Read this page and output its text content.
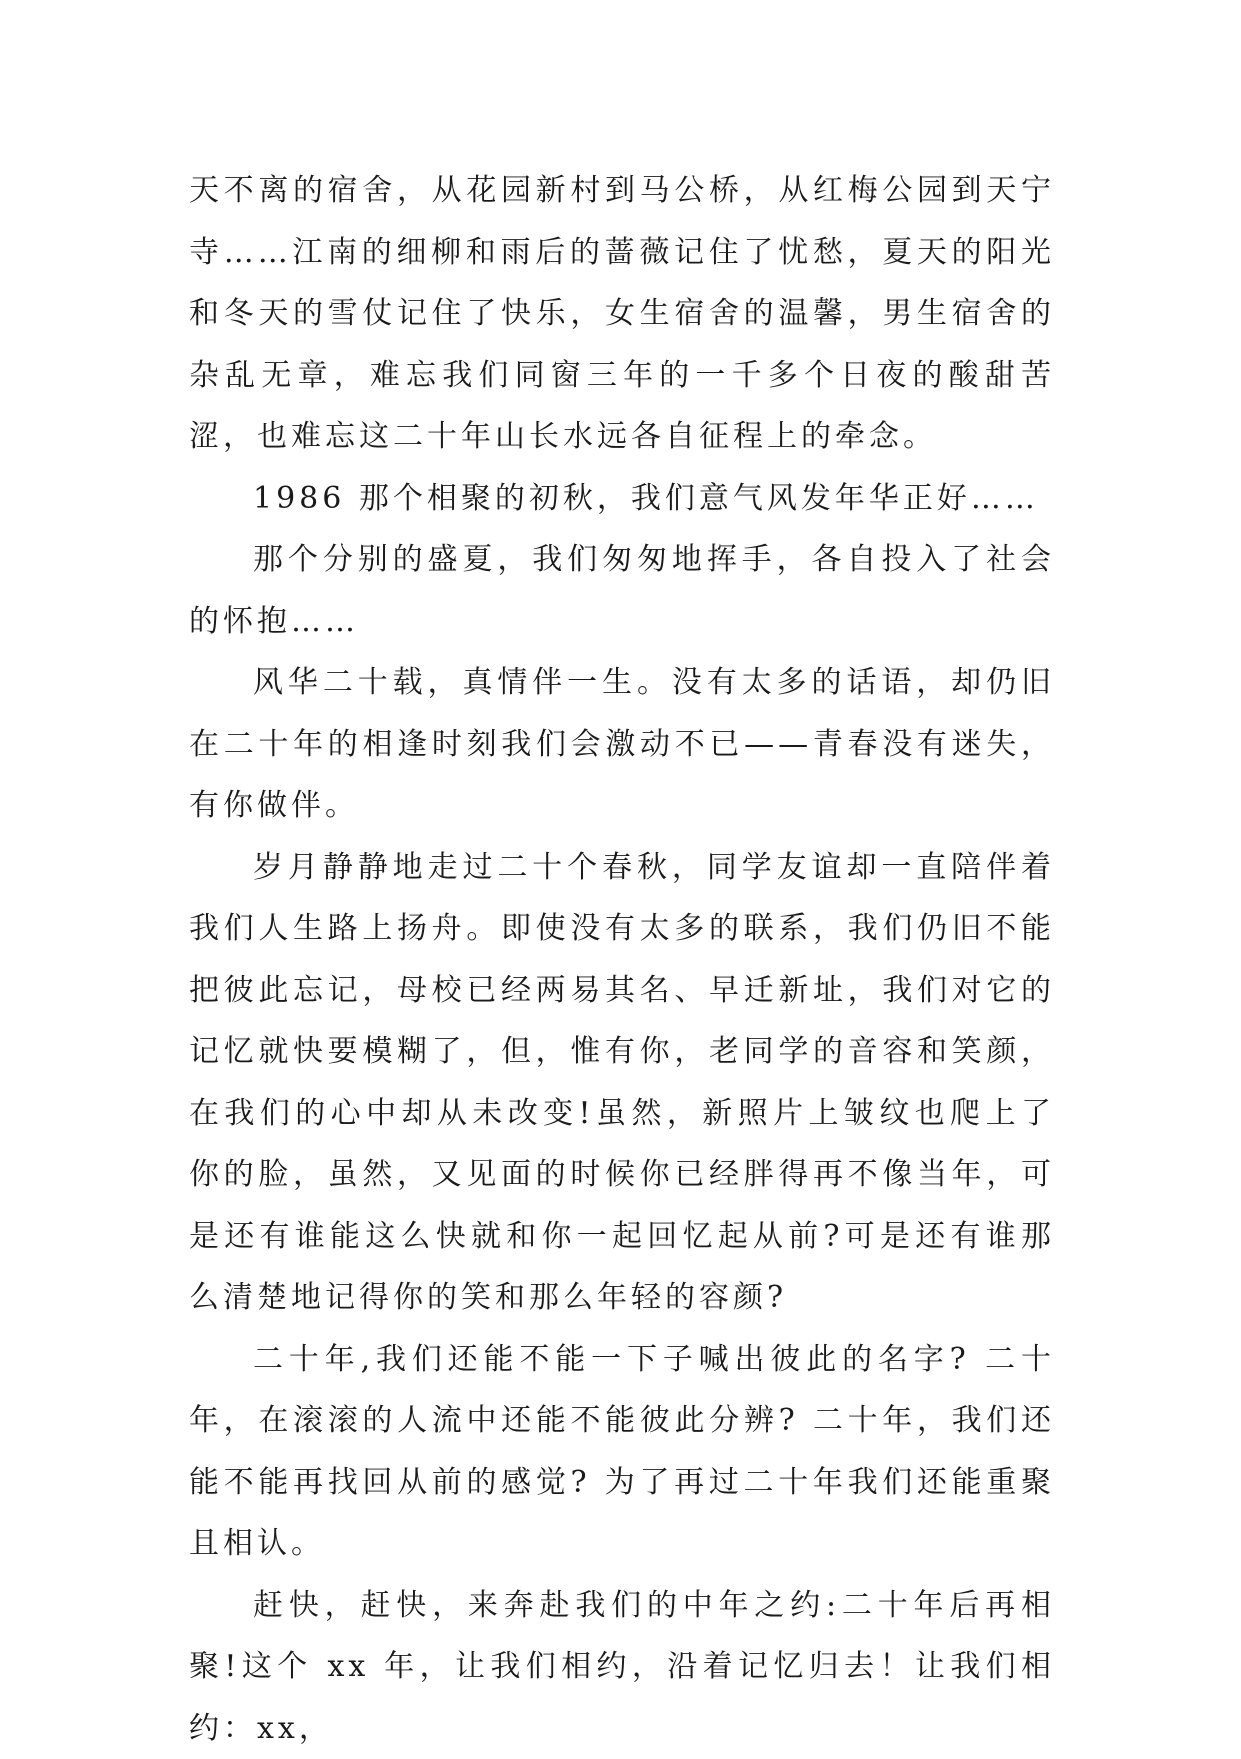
天不离的宿舍，从花园新村到马公桥，从红梅公园到天宁寺……江南的细柳和雨后的蔷薇记住了忧愁，夏天的阳光和冬天的雪仗记住了快乐，女生宿舍的温馨，男生宿舍的杂乱无章，难忘我们同窗三年的一千多个日夜的酸甜苦涩，也难忘这二十年山长水远各自征程上的牵念。

1986 那个相聚的初秋，我们意气风发年华正好……

那个分别的盛夏，我们匆匆地挥手，各自投入了社会的怀抱……

风华二十载，真情伴一生。没有太多的话语，却仍旧在二十年的相逢时刻我们会激动不已——青春没有迷失，有你做伴。

岁月静静地走过二十个春秋，同学友谊却一直陪伴着我们人生路上扬舟。即使没有太多的联系，我们仍旧不能把彼此忘记，母校已经两易其名、早迁新址，我们对它的记忆就快要模糊了，但，惟有你，老同学的音容和笑颜，在我们的心中却从未改变!虽然，新照片上皱纹也爬上了你的脸，虽然，又见面的时候你已经胖得再不像当年，可是还有谁能这么快就和你一起回忆起从前?可是还有谁那么清楚地记得你的笑和那么年轻的容颜?

二十年,我们还能不能一下子喊出彼此的名字? 二十年，在滚滚的人流中还能不能彼此分辨? 二十年，我们还能不能再找回从前的感觉? 为了再过二十年我们还能重聚且相认。

赶快，赶快，来奔赴我们的中年之约:二十年后再相聚!这个 xx 年，让我们相约，沿着记忆归去！让我们相约：xx，
